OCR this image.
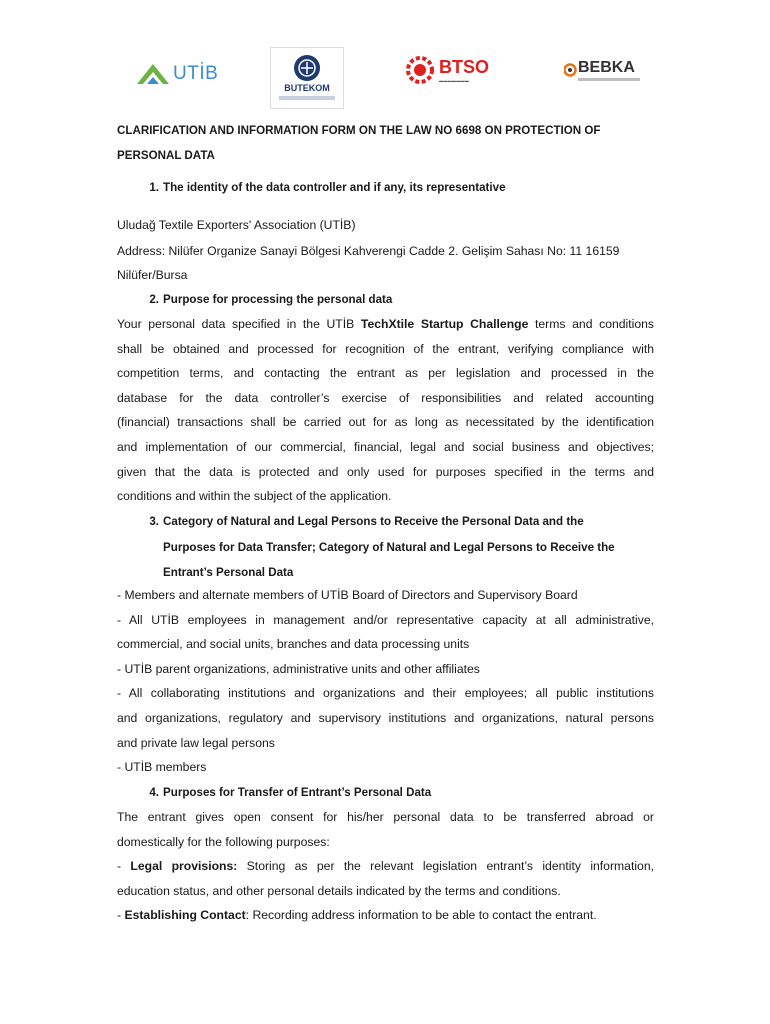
UTİB
BUTEKOM
BTSO
▬▬▬▬▬▬▬
BEBKA
CLARIFICATION AND INFORMATION FORM ON THE LAW NO 6698 ON PROTECTION OF
PERSONAL DATA
1. The identity of the data controller and if any, its representative
Uludağ Textile Exporters' Association (UTİB)
Address: Nilüfer Organize Sanayi Bölgesi Kahverengi Cadde 2. Gelişim Sahası No: 11 16159
Nilüfer/Bursa
2. Purpose for processing the personal data
Your personal data specified in the UTİB TechXtile Startup Challenge terms and conditions
shall be obtained and processed for recognition of the entrant, verifying compliance with
competition terms, and contacting the entrant as per legislation and processed in the
database for the data controller’s exercise of responsibilities and related accounting
(financial) transactions shall be carried out for as long as necessitated by the identification
and implementation of our commercial, financial, legal and social business and objectives;
given that the data is protected and only used for purposes specified in the terms and
conditions and within the subject of the application.
3. Category of Natural and Legal Persons to Receive the Personal Data and the
Purposes for Data Transfer; Category of Natural and Legal Persons to Receive the
Entrant’s Personal Data
- Members and alternate members of UTİB Board of Directors and Supervisory Board
- All UTİB employees in management and/or representative capacity at all administrative,
commercial, and social units, branches and data processing units
- UTİB parent organizations, administrative units and other affiliates
- All collaborating institutions and organizations and their employees; all public institutions
and organizations, regulatory and supervisory institutions and organizations, natural persons
and private law legal persons
- UTİB members
4. Purposes for Transfer of Entrant’s Personal Data
The entrant gives open consent for his/her personal data to be transferred abroad or
domestically for the following purposes:
- Legal provisions: Storing as per the relevant legislation entrant’s identity information,
education status, and other personal details indicated by the terms and conditions.
- Establishing Contact: Recording address information to be able to contact the entrant.
